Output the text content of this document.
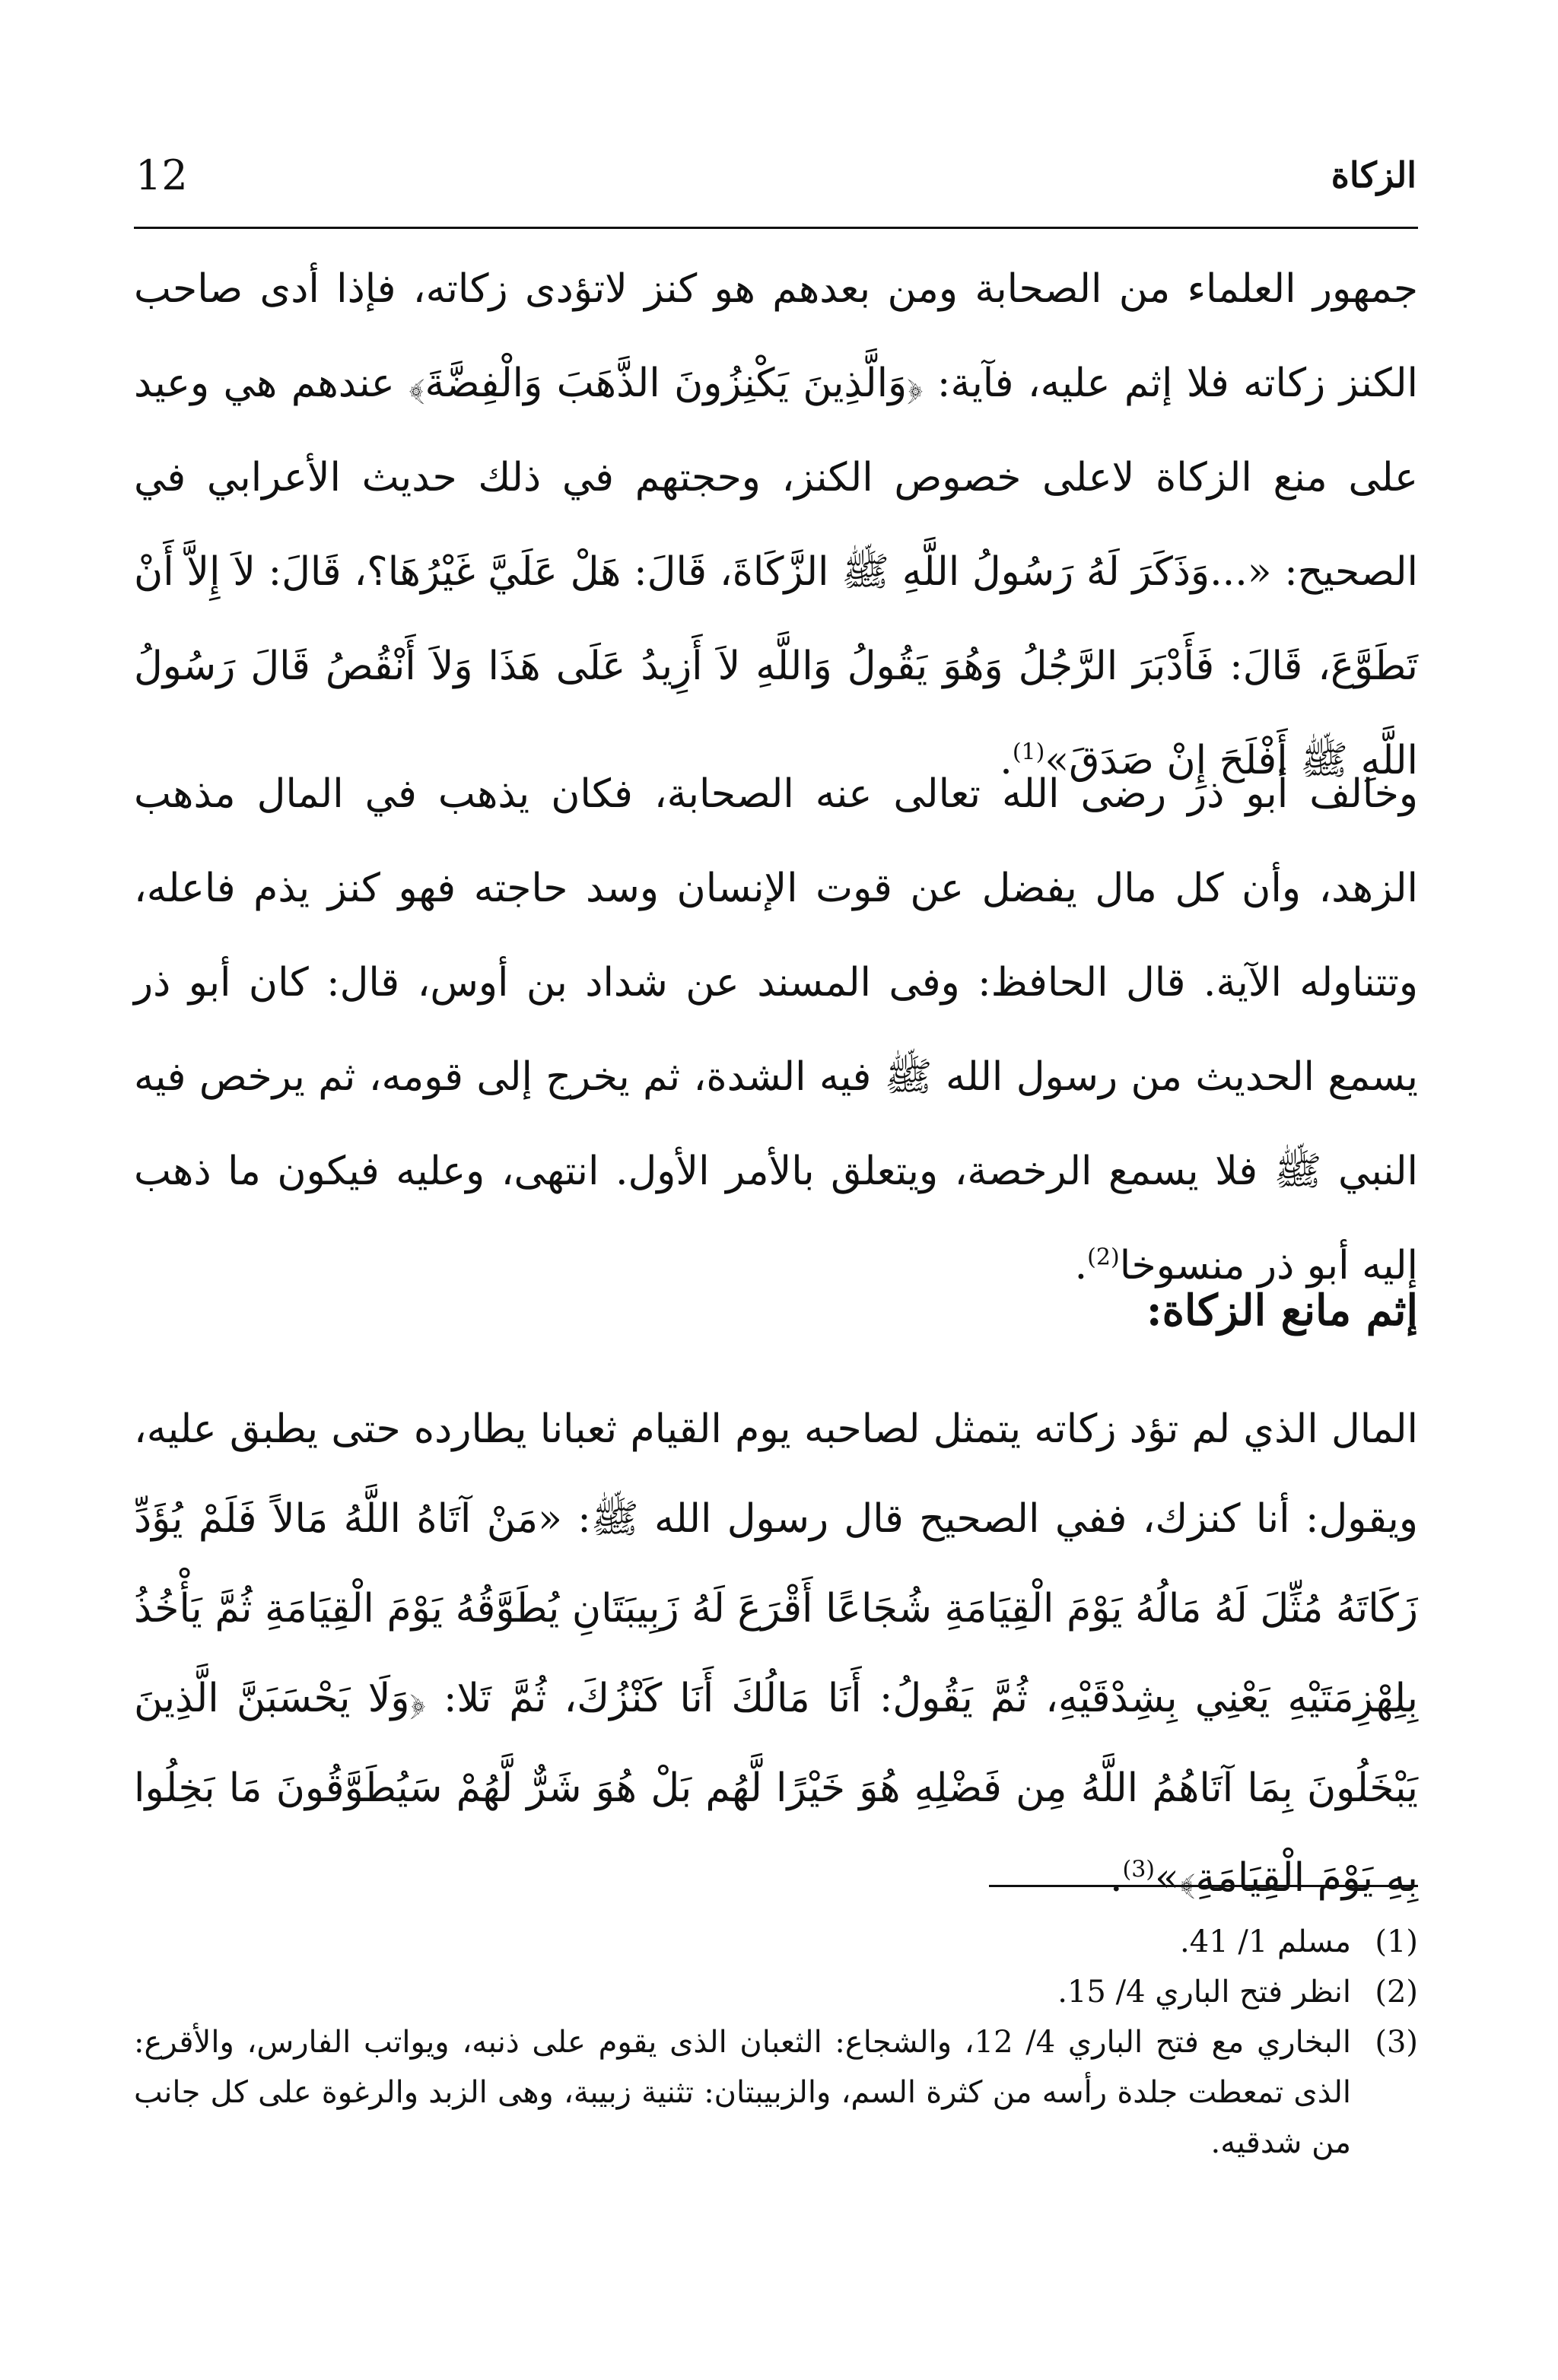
12	الزكاة

جمهور العلماء من الصحابة ومن بعدهم هو كنز لاتؤدى زكاته، فإذا أدى صاحب الكنز زكاته فلا إثم عليه، فآية: ﴿وَالَّذِينَ يَكْنِزُونَ الذَّهَبَ وَالْفِضَّةَ﴾ عندهم هي وعيد على منع الزكاة لاعلى خصوص الكنز، وحجتهم في ذلك حديث الأعرابي في الصحيح: «...وَذَكَرَ لَهُ رَسُولُ اللَّهِ ﷺ الزَّكَاةَ، قَالَ: هَلْ عَلَيَّ غَيْرُهَا؟، قَالَ: لاَ إِلاَّ أَنْ تَطَوَّعَ، قَالَ: فَأَدْبَرَ الرَّجُلُ وَهُوَ يَقُولُ وَاللَّهِ لاَ أَزِيدُ عَلَى هَذَا وَلاَ أَنْقُصُ قَالَ رَسُولُ اللَّهِ ﷺ أَفْلَحَ إِنْ صَدَقَ»$^{(1)}$.

وخالف أبو ذر رضى الله تعالى عنه الصحابة، فكان يذهب في المال مذهب الزهد، وأن كل مال يفضل عن قوت الإنسان وسد حاجته فهو كنز يذم فاعله، وتتناوله الآية. قال الحافظ: وفى المسند عن شداد بن أوس، قال: كان أبو ذر يسمع الحديث من رسول الله ﷺ فيه الشدة، ثم يخرج إلى قومه، ثم يرخص فيه النبي ﷺ فلا يسمع الرخصة، ويتعلق بالأمر الأول. انتهى، وعليه فيكون ما ذهب إليه أبو ذر منسوخا$^{(2)}$.

إثم مانع الزكاة:

المال الذي لم تؤد زكاته يتمثل لصاحبه يوم القيام ثعبانا يطارده حتى يطبق عليه، ويقول: أنا كنزك، ففي الصحيح قال رسول الله ﷺ: «مَنْ آتَاهُ اللَّهُ مَالاً فَلَمْ يُؤَدِّ زَكَاتَهُ مُثِّلَ لَهُ مَالُهُ يَوْمَ الْقِيَامَةِ شُجَاعًا أَقْرَعَ لَهُ زَبِيبَتَانِ يُطَوَّقُهُ يَوْمَ الْقِيَامَةِ ثُمَّ يَأْخُذُ بِلِهْزِمَتَيْهِ يَعْنِي بِشِدْقَيْهِ، ثُمَّ يَقُولُ: أَنَا مَالُكَ أَنَا كَنْزُكَ، ثُمَّ تَلا: ﴿وَلَا يَحْسَبَنَّ الَّذِينَ يَبْخَلُونَ بِمَا آتَاهُمُ اللَّهُ مِن فَضْلِهِ هُوَ خَيْرًا لَّهُم بَلْ هُوَ شَرٌّ لَّهُمْ سَيُطَوَّقُونَ مَا بَخِلُوا بِهِ يَوْمَ الْقِيَامَةِ﴾»$^{(3)}$.

(1)
مسلم 1/ 41.
(2)
انظر فتح الباري 4/ 15.
(3)
البخاري مع فتح الباري 4/ 12، والشجاع: الثعبان الذى يقوم على ذنبه، ويواتب الفارس، والأقرع: الذى تمعطت جلدة رأسه من كثرة السم، والزبيبتان: تثنية زبيبة، وهى الزبد والرغوة على كل جانب من شدقيه.
